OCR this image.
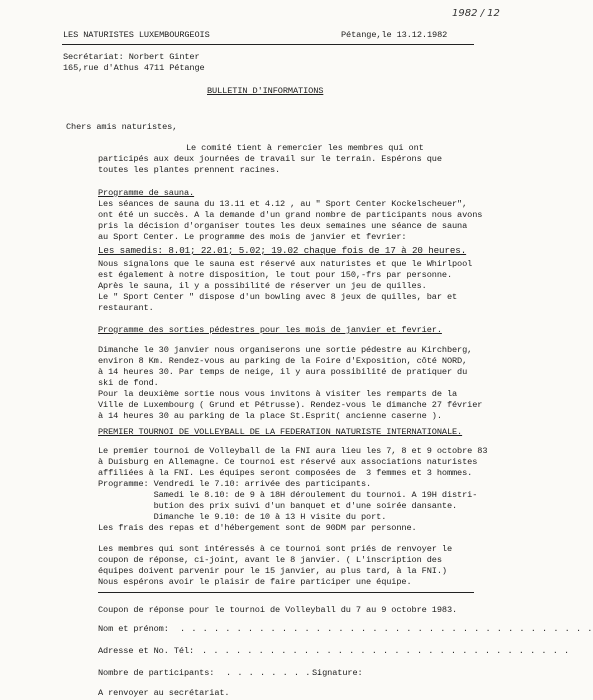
1982 / 12
LES NATURISTES LUXEMBOURGEOIS	Pétange,le 13.12.1982
Secrétariat: Norbert Ginter
165,rue d'Athus 4711 Pétange
BULLETIN D'INFORMATIONS
Chers amis naturistes,
Le comité tient à remercier les membres qui ont
participés aux deux journées de travail sur le terrain. Espérons que
toutes les plantes prennent racines.
Programme de sauna.
Les séances de sauna du 13.11 et 4.12 , au " Sport Center Kockelscheuer",
ont été un succès. A la demande d'un grand nombre de participants nous avons
pris la décision d'organiser toutes les deux semaines une séance de sauna
au Sport Center. Le programme des mois de janvier et fevrier:
Les samedis: 8.01; 22.01; 5.02; 19.02 chaque fois de 17 à 20 heures.
Nous signalons que le sauna est réservé aux naturistes et que le Whirlpool
est également à notre disposition, le tout pour 150,-frs par personne.
Après le sauna, il y a possibilité de réserver un jeu de quilles.
Le " Sport Center " dispose d'un bowling avec 8 jeux de quilles, bar et
restaurant.
Programme des sorties pédestres pour les mois de janvier et fevrier.
Dimanche le 30 janvier nous organiserons une sortie pédestre au Kirchberg,
environ 8 Km. Rendez-vous au parking de la Foire d'Exposition, côté NORD,
à 14 heures 30. Par temps de neige, il y aura possibilité de pratiquer du
ski de fond.
Pour la deuxième sortie nous vous invitons à visiter les remparts de la
Ville de Luxembourg ( Grund et Pétrusse). Rendez-vous le dimanche 27 février
à 14 heures 30 au parking de la place St.Esprit( ancienne caserne ).
PREMIER TOURNOI DE VOLLEYBALL DE LA FEDERATION NATURISTE INTERNATIONALE.
Le premier tournoi de Volleyball de la FNI aura lieu les 7, 8 et 9 octobre 83
à Duisburg en Allemagne. Ce tournoi est réservé aux associations naturistes
affiliées à la FNI. Les équipes seront composées de  3 femmes et 3 hommes.
Programme: Vendredi le 7.10: arrivée des participants.
Samedi le 8.10: de 9 à 18H déroulement du tournoi. A 19H distri-
bution des prix suivi d'un banquet et d'une soirée dansante.
Dimanche le 9.10: de 10 à 13 H visite du port.
Les frais des repas et d'hébergement sont de 90DM par personne.
Les membres qui sont intéressés à ce tournoi sont priés de renvoyer le
coupon de réponse, ci-joint, avant le 8 janvier. ( L'inscription des
équipes doivent parvenir pour le 15 janvier, au plus tard, à la FNI.)
Nous espérons avoir le plaisir de faire participer une équipe.
Coupon de réponse pour le tournoi de Volleyball du 7 au 9 octobre 1983.
Nom et prénom: . . . . . . . . . . . . . . . . . . . . . . . . . . . . . . . . . . . . .
Adresse et No. Tél: . . . . . . . . . . . . . . . . . . . . . . . . . . . . . . . . .
Nombre de participants: . . . . . . . . .
Signature:
A renvoyer au secrétariat.
